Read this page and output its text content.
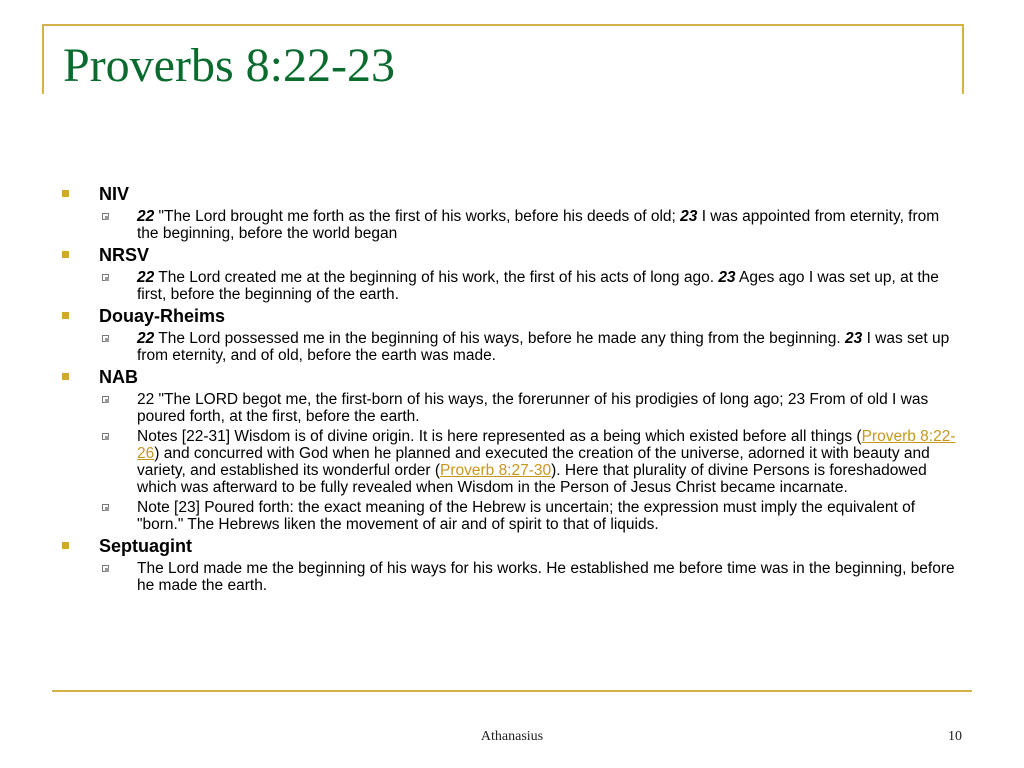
Proverbs 8:22-23
NIV
22 "The Lord brought me forth as the first of his works, before his deeds of old; 23 I was appointed from eternity, from the beginning, before the world began
NRSV
22 The Lord created me at the beginning of his work, the first of his acts of long ago. 23 Ages ago I was set up, at the first, before the beginning of the earth.
Douay-Rheims
22 The Lord possessed me in the beginning of his ways, before he made any thing from the beginning. 23 I was set up from eternity, and of old, before the earth was made.
NAB
22 "The LORD begot me, the first-born of his ways, the forerunner of his prodigies of long ago; 23 From of old I was poured forth, at the first, before the earth.
Notes [22-31] Wisdom is of divine origin. It is here represented as a being which existed before all things (Proverb 8:22-26) and concurred with God when he planned and executed the creation of the universe, adorned it with beauty and variety, and established its wonderful order (Proverb 8:27-30). Here that plurality of divine Persons is foreshadowed which was afterward to be fully revealed when Wisdom in the Person of Jesus Christ became incarnate.
Note [23] Poured forth: the exact meaning of the Hebrew is uncertain; the expression must imply the equivalent of "born." The Hebrews liken the movement of air and of spirit to that of liquids.
Septuagint
The Lord made me the beginning of his ways for his works. He established me before time was in the beginning, before he made the earth.
Athanasius	10
